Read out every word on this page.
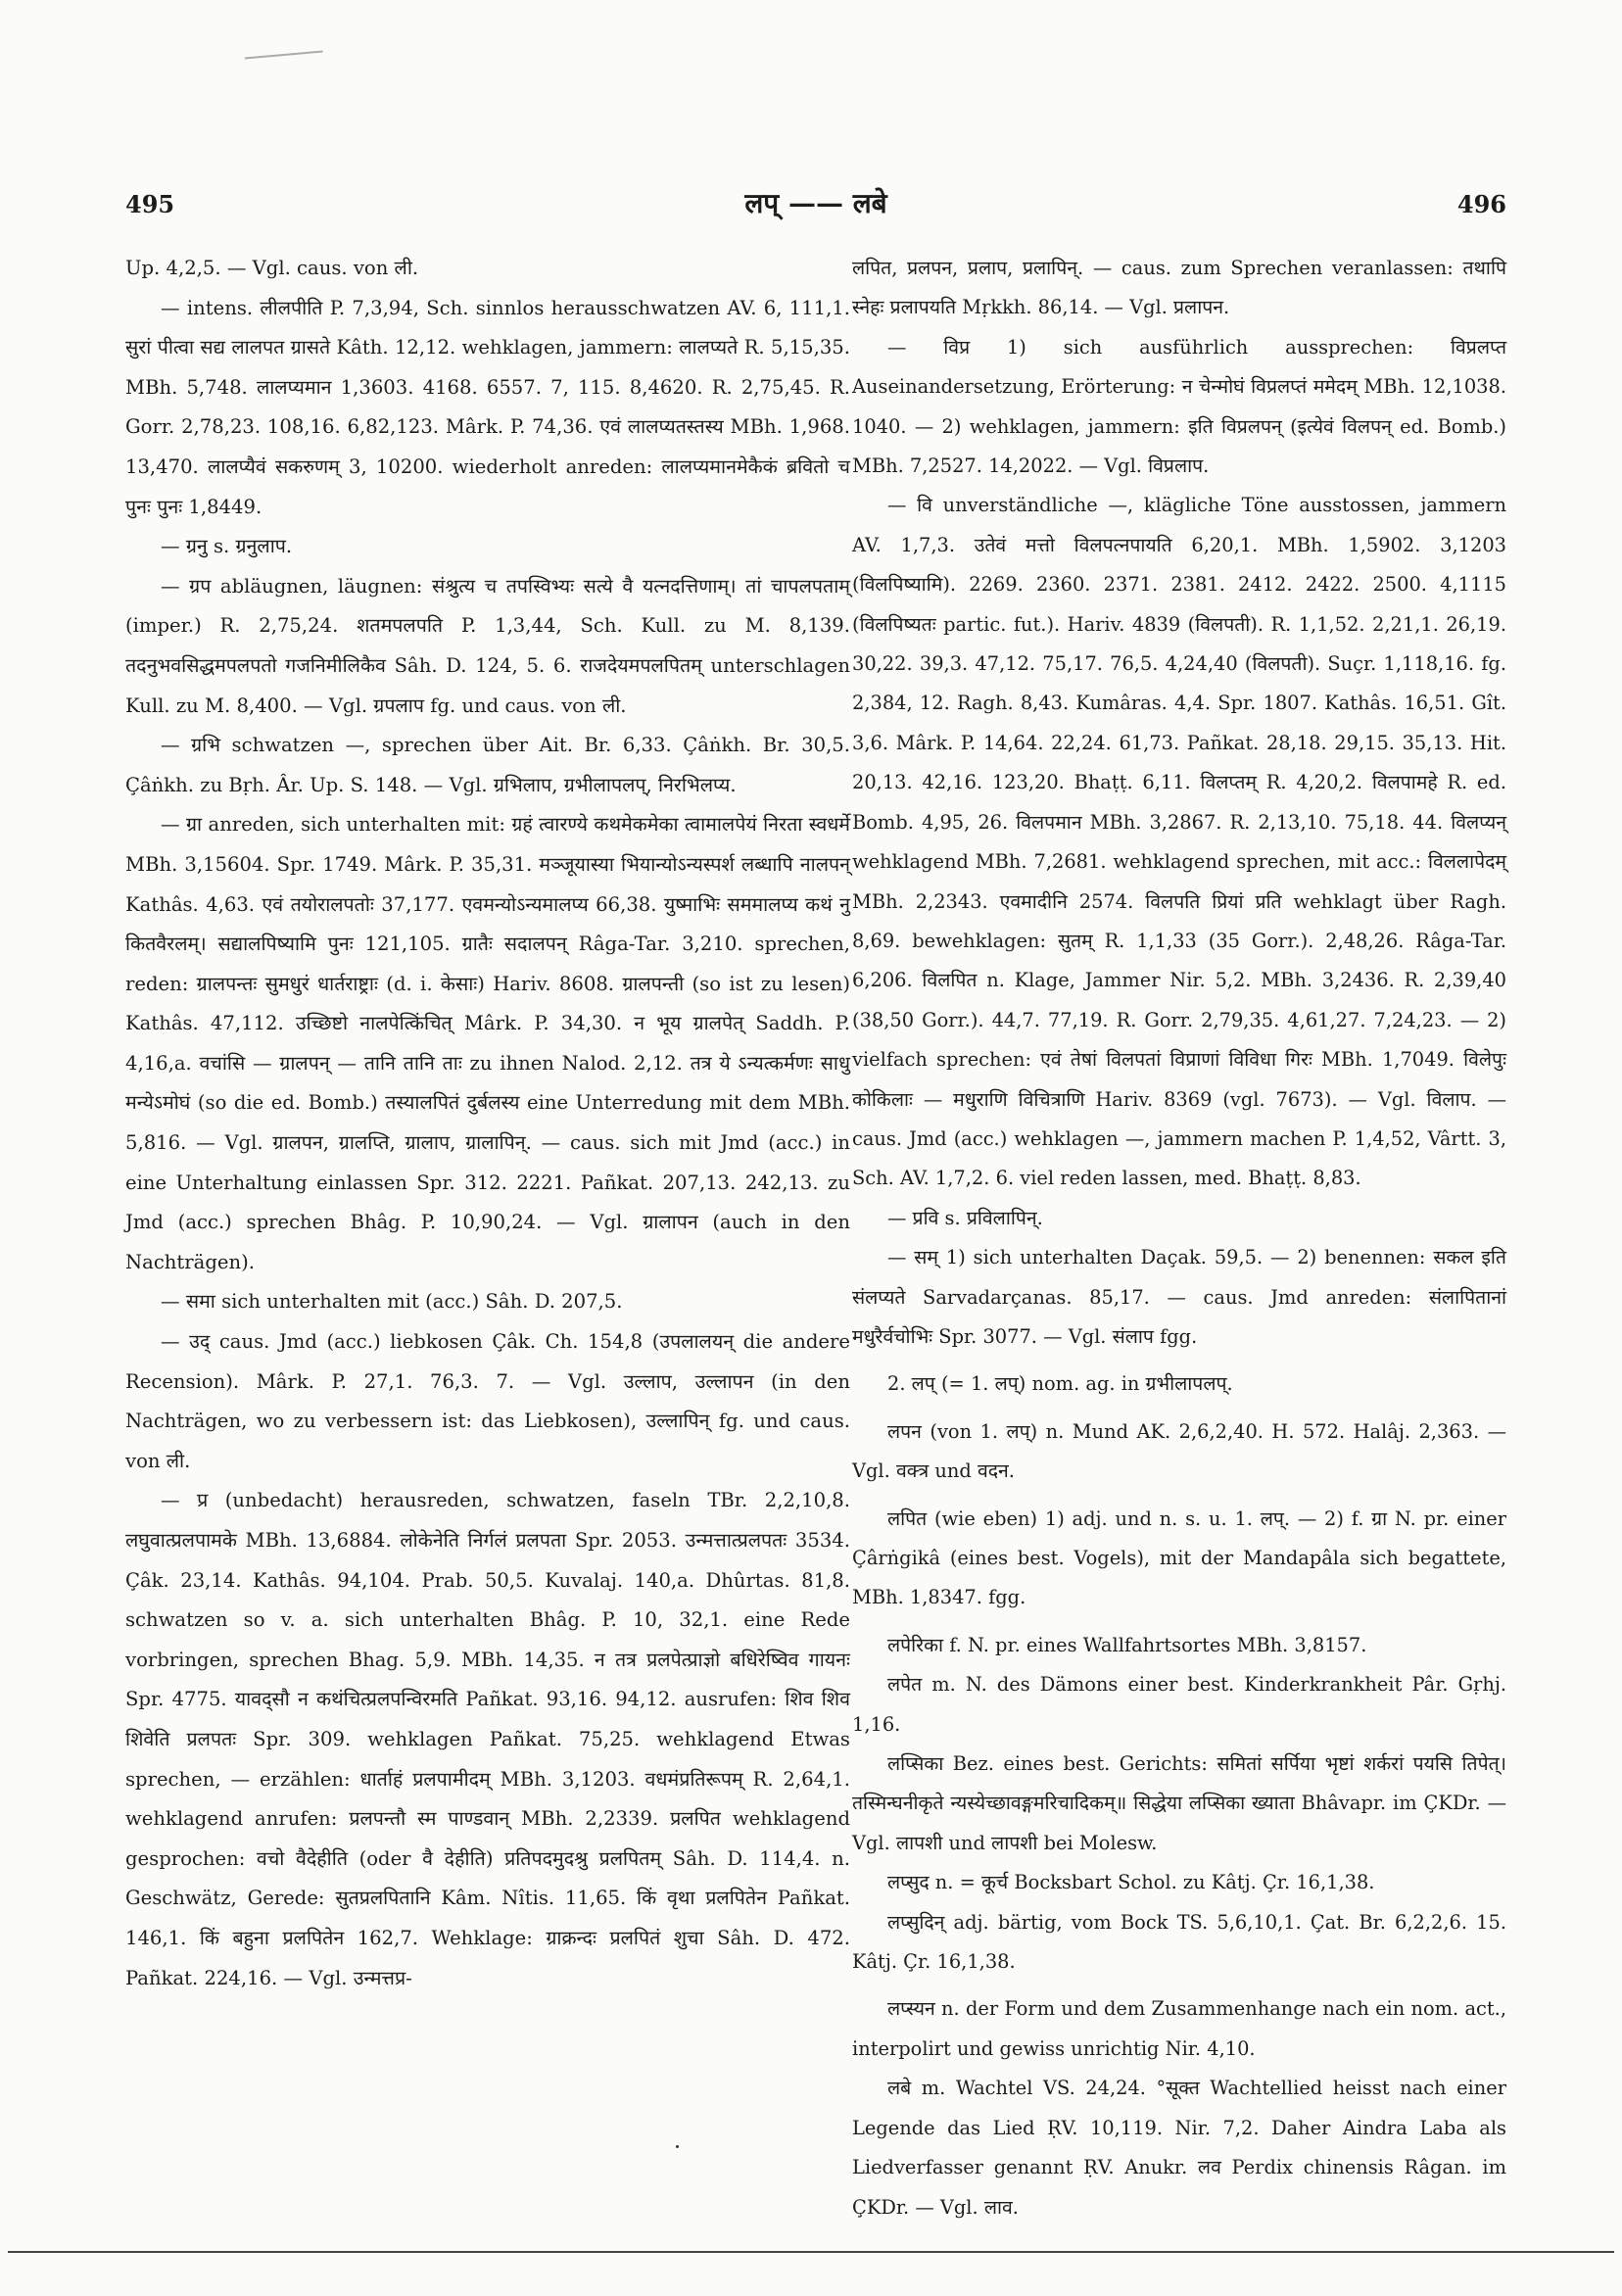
495	लप् —— लबे	496

Up. 4,2,5. — Vgl. caus. von ली.

— intens. लीलपीति P. 7,3,94, Sch. sinnlos herausschwatzen AV. 6, 111,1. सुरां पीत्वा सद्य लालपत ग्रासते Kâth. 12,12. wehklagen, jammern: लालप्यते R. 5,15,35. MBh. 5,748. लालप्यमान 1,3603. 4168. 6557. 7, 115. 8,4620. R. 2,75,45. R. Gorr. 2,78,23. 108,16. 6,82,123. Mârk. P. 74,36. एवं लालप्यतस्तस्य MBh. 1,968. 13,470. लालप्यैवं सकरुणम् 3, 10200. wiederholt anreden: लालप्यमानमेकैकं ब्रवितो च पुनः पुनः 1,8449.

— ग्रनु s. ग्रनुलाप.

— ग्रप abläugnen, läugnen: संश्रुत्य च तपस्विभ्यः सत्ये वै यत्नदत्तिणाम्। तां चापलपताम् (imper.) R. 2,75,24. शतमपलपति P. 1,3,44, Sch. Kull. zu M. 8,139. तदनुभवसिद्धमपलपतो गजनिमीलिकैव Sâh. D. 124, 5. 6. राजदेयमपलपितम् unterschlagen Kull. zu M. 8,400. — Vgl. ग्रपलाप fg. und caus. von ली.

— ग्रभि schwatzen —, sprechen über Ait. Br. 6,33. Çâṅkh. Br. 30,5. Çâṅkh. zu Bṛh. Âr. Up. S. 148. — Vgl. ग्रभिलाप, ग्रभीलापलप्, निरभिलप्य.

— ग्रा anreden, sich unterhalten mit: ग्रहं त्वारण्ये कथमेकमेका त्वामालपेयं निरता स्वधर्मे MBh. 3,15604. Spr. 1749. Mârk. P. 35,31. मञ्जूयास्या भियान्योऽन्यस्पर्श लब्धापि नालपन् Kathâs. 4,63. एवं तयोरालपतोः 37,177. एवमन्योऽन्यमालप्य 66,38. युष्माभिः सममालप्य कथं नु कितवैरलम्। सद्यालपिष्यामि पुनः 121,105. ग्रातैः सदालपन् Râga-Tar. 3,210. sprechen, reden: ग्रालपन्तः सुमधुरं धार्तराष्ट्राः (d. i. केसाः) Hariv. 8608. ग्रालपन्ती (so ist zu lesen) Kathâs. 47,112. उच्छिष्टो नालपेत्किंचित् Mârk. P. 34,30. न भूय ग्रालपेत् Saddh. P. 4,16,a. वचांसि — ग्रालपन् — तानि तानि ताः zu ihnen Nalod. 2,12. तत्र ये ऽन्यत्कर्मणः साधु मन्येऽमोघं (so die ed. Bomb.) तस्यालपितं दुर्बलस्य eine Unterredung mit dem MBh. 5,816. — Vgl. ग्रालपन, ग्रालप्ति, ग्रालाप, ग्रालापिन्. — caus. sich mit Jmd (acc.) in eine Unterhaltung einlassen Spr. 312. 2221. Pañkat. 207,13. 242,13. zu Jmd (acc.) sprechen Bhâg. P. 10,90,24. — Vgl. ग्रालापन (auch in den Nachträgen).

— समा sich unterhalten mit (acc.) Sâh. D. 207,5.

— उद् caus. Jmd (acc.) liebkosen Çâk. Ch. 154,8 (उपलालयन् die andere Recension). Mârk. P. 27,1. 76,3. 7. — Vgl. उल्लाप, उल्लापन (in den Nachträgen, wo zu verbessern ist: das Liebkosen), उल्लापिन् fg. und caus. von ली.

— प्र (unbedacht) herausreden, schwatzen, faseln TBr. 2,2,10,8. लघुवात्प्रलपामके MBh. 13,6884. लोकेनेति निर्गलं प्रलपता Spr. 2053. उन्मत्तात्प्रलपतः 3534. Çâk. 23,14. Kathâs. 94,104. Prab. 50,5. Kuvalaj. 140,a. Dhûrtas. 81,8. schwatzen so v. a. sich unterhalten Bhâg. P. 10, 32,1. eine Rede vorbringen, sprechen Bhag. 5,9. MBh. 14,35. न तत्र प्रलपेत्प्राज्ञो बधिरेष्विव गायनः Spr. 4775. यावद्सौ न कथंचित्प्रलपन्विरमति Pañkat. 93,16. 94,12. ausrufen: शिव शिव शिवेति प्रलपतः Spr. 309. wehklagen Pañkat. 75,25. wehklagend Etwas sprechen, — erzählen: धार्ताहं प्रलपामीदम् MBh. 3,1203. वधमंप्रतिरूपम् R. 2,64,1. wehklagend anrufen: प्रलपन्तौ स्म पाण्डवान् MBh. 2,2339. प्रलपित wehklagend gesprochen: वचो वैदेहीति (oder वै देहीति) प्रतिपदमुदश्रु प्रलपितम् Sâh. D. 114,4. n. Geschwätz, Gerede: सुतप्रलपितानि Kâm. Nîtis. 11,65. किं वृथा प्रलपितेन Pañkat. 146,1. किं बहुना प्रलपितेन 162,7. Wehklage: ग्राक्रन्दः प्रलपितं शुचा Sâh. D. 472. Pañkat. 224,16. — Vgl. उन्मत्तप्र-

लपित, प्रलपन, प्रलाप, प्रलापिन्. — caus. zum Sprechen veranlassen: तथापि स्नेहः प्रलापयति Mṛkkh. 86,14. — Vgl. प्रलापन.

— विप्र 1) sich ausführlich aussprechen: विप्रलप्त Auseinandersetzung, Erörterung: न चेन्मोघं विप्रलप्तं ममेदम् MBh. 12,1038. 1040. — 2) wehklagen, jammern: इति विप्रलपन् (इत्येवं विलपन् ed. Bomb.) MBh. 7,2527. 14,2022. — Vgl. विप्रलाप.

— वि unverständliche —, klägliche Töne ausstossen, jammern AV. 1,7,3. उतेवं मत्तो विलपत्नपायति 6,20,1. MBh. 1,5902. 3,1203 (विलपिष्यामि). 2269. 2360. 2371. 2381. 2412. 2422. 2500. 4,1115 (विलपिष्यतः partic. fut.). Hariv. 4839 (विलपती). R. 1,1,52. 2,21,1. 26,19. 30,22. 39,3. 47,12. 75,17. 76,5. 4,24,40 (विलपती). Suçr. 1,118,16. fg. 2,384, 12. Ragh. 8,43. Kumâras. 4,4. Spr. 1807. Kathâs. 16,51. Gît. 3,6. Mârk. P. 14,64. 22,24. 61,73. Pañkat. 28,18. 29,15. 35,13. Hit. 20,13. 42,16. 123,20. Bhaṭṭ. 6,11. विलप्तम् R. 4,20,2. विलपामहे R. ed. Bomb. 4,95, 26. विलपमान MBh. 3,2867. R. 2,13,10. 75,18. 44. विलप्यन् wehklagend MBh. 7,2681. wehklagend sprechen, mit acc.: विललापेदम् MBh. 2,2343. एवमादीनि 2574. विलपति प्रियां प्रति wehklagt über Ragh. 8,69. bewehklagen: सुतम् R. 1,1,33 (35 Gorr.). 2,48,26. Râga-Tar. 6,206. विलपित n. Klage, Jammer Nir. 5,2. MBh. 3,2436. R. 2,39,40 (38,50 Gorr.). 44,7. 77,19. R. Gorr. 2,79,35. 4,61,27. 7,24,23. — 2) vielfach sprechen: एवं तेषां विलपतां विप्राणां विविधा गिरः MBh. 1,7049. विलेपुः कोकिलाः — मधुराणि विचित्राणि Hariv. 8369 (vgl. 7673). — Vgl. विलाप. — caus. Jmd (acc.) wehklagen —, jammern machen P. 1,4,52, Vârtt. 3, Sch. AV. 1,7,2. 6. viel reden lassen, med. Bhaṭṭ. 8,83.

— प्रवि s. प्रविलापिन्.

— सम् 1) sich unterhalten Daçak. 59,5. — 2) benennen: सकल इति संलप्यते Sarvadarçanas. 85,17. — caus. Jmd anreden: संलापितानां मधुरैर्वचोभिः Spr. 3077. — Vgl. संलाप fgg.

2. लप् (= 1. लप्) nom. ag. in ग्रभीलापलप्.

लपन (von 1. लप्) n. Mund AK. 2,6,2,40. H. 572. Halâj. 2,363. — Vgl. वक्त्र und वदन.

लपित (wie eben) 1) adj. und n. s. u. 1. लप्. — 2) f. ग्रा N. pr. einer Çârṅgikâ (eines best. Vogels), mit der Mandapâla sich begattete, MBh. 1,8347. fgg.

लपेरिका f. N. pr. eines Wallfahrtsortes MBh. 3,8157.

लपेत m. N. des Dämons einer best. Kinderkrankheit Pâr. Gṛhj. 1,16.

लप्सिका Bez. eines best. Gerichts: समितां सर्पिया भृष्टां शर्करां पयसि तिपेत्। तस्मिन्घनीकृते न्यस्येच्छावङ्गमरिचादिकम्॥ सिद्धेया लप्सिका ख्याता Bhâvapr. im ÇKDr. — Vgl. लापशी und लापशी bei Molesw.

लप्सुद n. = कूर्च Bocksbart Schol. zu Kâtj. Çr. 16,1,38.

लप्सुदिन् adj. bärtig, vom Bock TS. 5,6,10,1. Çat. Br. 6,2,2,6. 15. Kâtj. Çr. 16,1,38.

लप्स्यन n. der Form und dem Zusammenhange nach ein nom. act., interpolirt und gewiss unrichtig Nir. 4,10.

लबे m. Wachtel VS. 24,24. °सूक्त Wachtellied heisst nach einer Legende das Lied ṚV. 10,119. Nir. 7,2. Daher Aindra Laba als Liedverfasser genannt ṚV. Anukr. लव Perdix chinensis Râgan. im ÇKDr. — Vgl. लाव.
